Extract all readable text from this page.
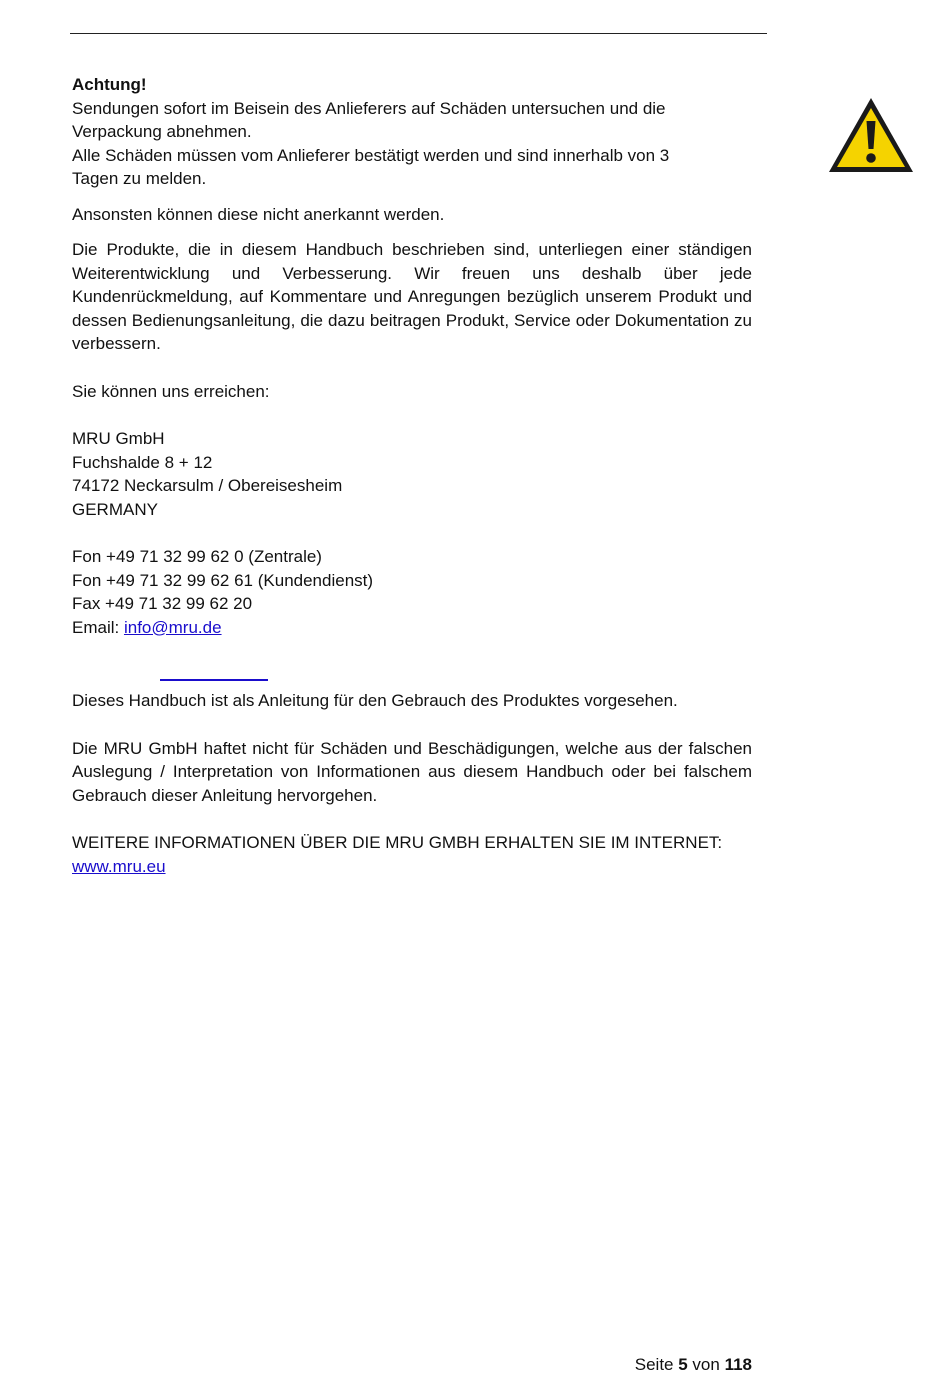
Achtung!
Sendungen sofort im Beisein des Anlieferers auf Schäden untersuchen und die
Verpackung abnehmen.
Alle Schäden müssen vom Anlieferer bestätigt werden und sind innerhalb von 3
Tagen zu melden.

Ansonsten können diese nicht anerkannt werden.

Die Produkte, die in diesem Handbuch beschrieben sind, unterliegen einer ständigen Weiterentwicklung und Verbesserung. Wir freuen uns deshalb über jede Kundenrückmeldung, auf Kommentare und Anregungen bezüglich unserem Produkt und dessen Bedienungsanleitung, die dazu beitragen Produkt, Service oder Dokumentation zu verbessern.

Sie können uns erreichen:

MRU GmbH
Fuchshalde 8 + 12
74172 Neckarsulm / Obereisesheim
GERMANY
Fon +49 71 32 99 62 0 (Zentrale)
Fon +49 71 32 99 62 61 (Kundendienst)
Fax +49 71 32 99 62 20
Email: info@mru.de

Dieses Handbuch ist als Anleitung für den Gebrauch des Produktes vorgesehen.

Die MRU GmbH haftet nicht für Schäden und Beschädigungen, welche aus der falschen Auslegung / Interpretation von Informationen aus diesem Handbuch oder bei falschem Gebrauch dieser Anleitung hervorgehen.

WEITERE INFORMATIONEN ÜBER DIE MRU GMBH ERHALTEN SIE IM INTERNET:
www.mru.eu
Seite 5 von 118
